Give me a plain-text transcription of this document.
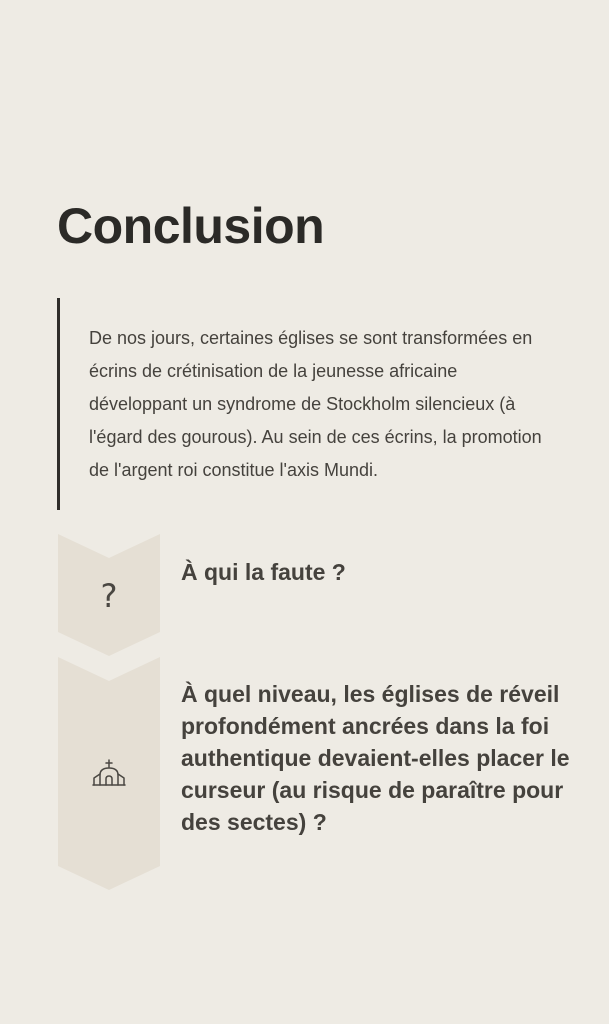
Conclusion

De nos jours, certaines églises se sont transformées en écrins de crétinisation de la jeunesse africaine développant un syndrome de Stockholm silencieux (à l'égard des gourous). Au sein de ces écrins, la promotion de l'argent roi constitue l'axis Mundi.

?

À qui la faute ?

À quel niveau, les églises de réveil profondément ancrées dans la foi authentique devaient-elles placer le curseur (au risque de paraître pour des sectes) ?
